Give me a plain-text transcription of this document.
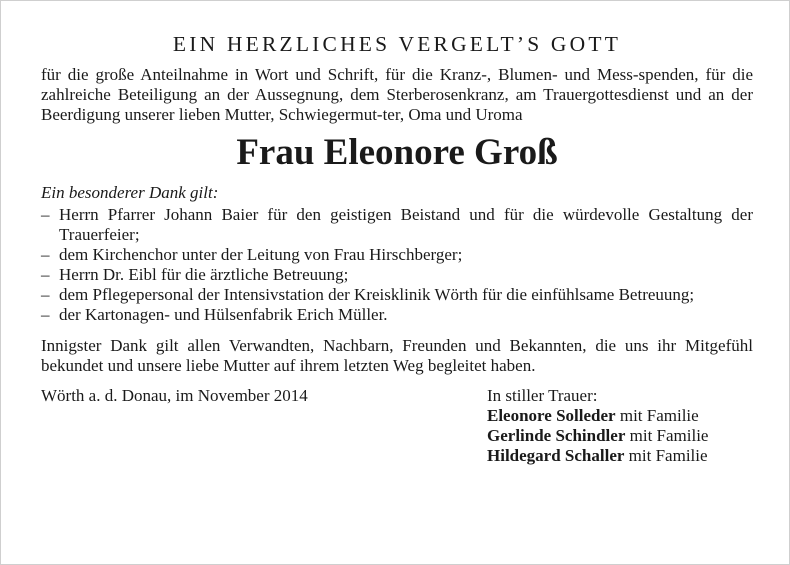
EIN HERZLICHES VERGELT’S GOTT

für die große Anteilnahme in Wort und Schrift, für die Kranz-, Blumen- und Mess-spenden, für die zahlreiche Beteiligung an der Aussegnung, dem Sterberosenkranz, am Trauergottesdienst und an der Beerdigung unserer lieben Mutter, Schwiegermut-ter, Oma und Uroma

Frau Eleonore Groß

Ein besonderer Dank gilt:

– Herrn Pfarrer Johann Baier für den geistigen Beistand und für die würdevolle Gestaltung der Trauerfeier;
– dem Kirchenchor unter der Leitung von Frau Hirschberger;
– Herrn Dr. Eibl für die ärztliche Betreuung;
– dem Pflegepersonal der Intensivstation der Kreisklinik Wörth für die einfühlsame Betreuung;
– der Kartonagen- und Hülsenfabrik Erich Müller.

Innigster Dank gilt allen Verwandten, Nachbarn, Freunden und Bekannten, die uns ihr Mitgefühl bekundet und unsere liebe Mutter auf ihrem letzten Weg begleitet haben.

Wörth a. d. Donau, im November 2014	In stiller Trauer:

Eleonore Solleder mit Familie

Gerlinde Schindler mit Familie

Hildegard Schaller mit Familie
